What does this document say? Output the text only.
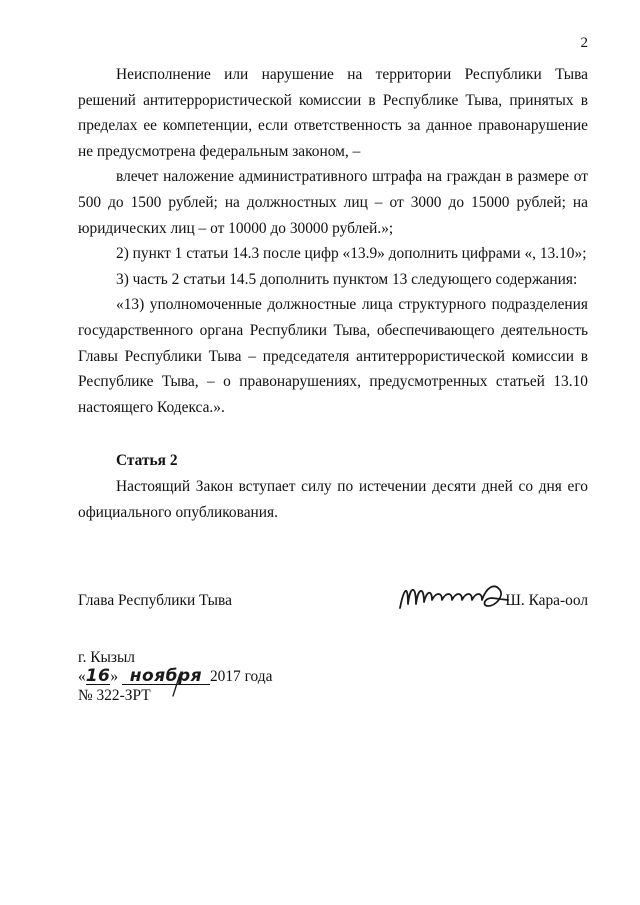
2

Неисполнение или нарушение на территории Республики Тыва решений антитеррористической комиссии в Республике Тыва, принятых в пределах ее компетенции, если ответственность за данное правонарушение не предусмотрена федеральным законом, –

влечет наложение административного штрафа на граждан в размере от 500 до 1500 рублей; на должностных лиц – от 3000 до 15000 рублей; на юридических лиц – от 10000 до 30000 рублей.»;

2) пункт 1 статьи 14.3 после цифр «13.9» дополнить цифрами «, 13.10»;

3) часть 2 статьи 14.5 дополнить пунктом 13 следующего содержания:

«13) уполномоченные должностные лица структурного подразделения государственного органа Республики Тыва, обеспечивающего деятельность Главы Республики Тыва – председателя антитеррористической комиссии в Республике Тыва, – о правонарушениях, предусмотренных статьей 13.10 настоящего Кодекса.».

Статья 2

Настоящий Закон вступает силу по истечении десяти дней со дня его официального опубликования.

Глава Республики Тыва	Ш. Кара-оол
г. Кызыл
«16» ноября 2017 года
№ 322-ЗРТ
